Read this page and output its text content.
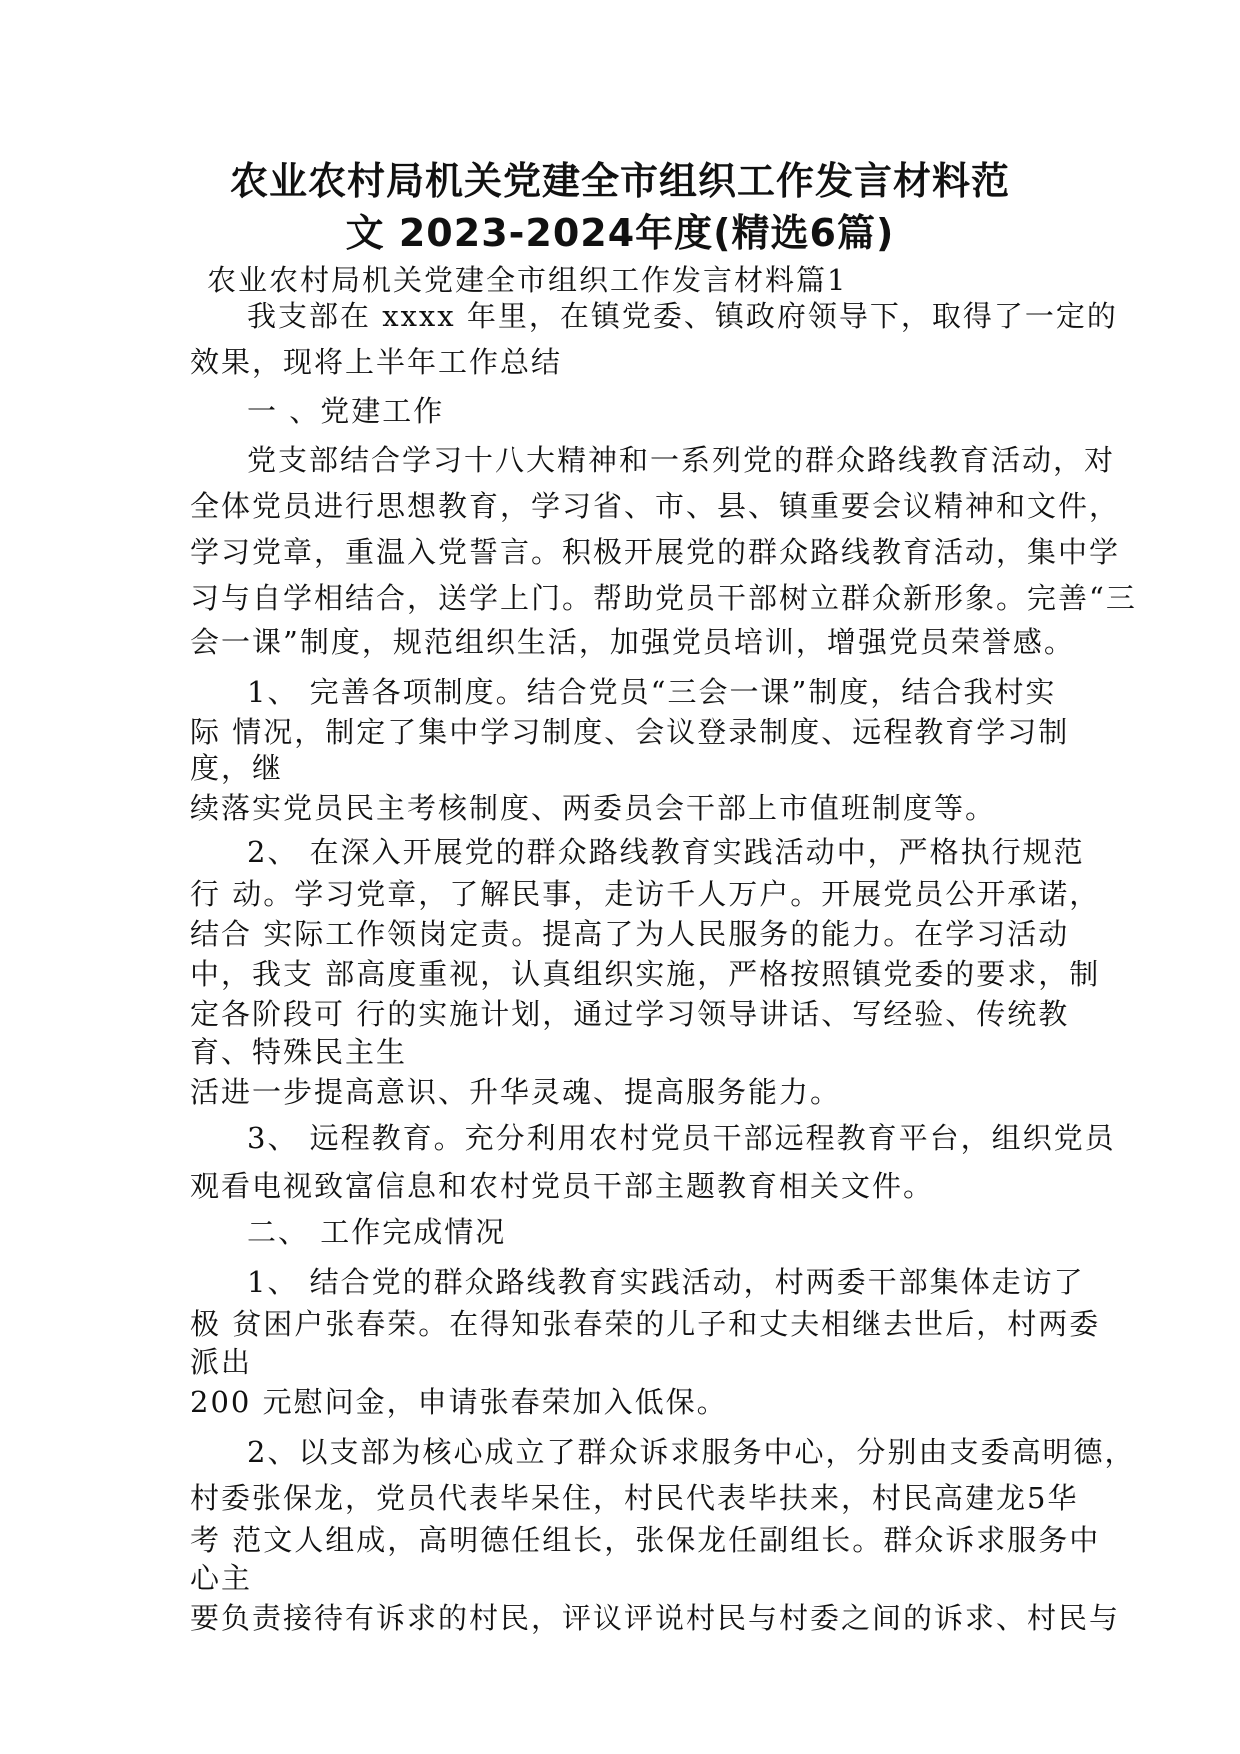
农业农村局机关党建全市组织工作发言材料范
文 2023-2024年度(精选6篇)
农业农村局机关党建全市组织工作发言材料篇1
我支部在 xxxx 年里，在镇党委、镇政府领导下，取得了一定的
效果，现将上半年工作总结
一 、党建工作
党支部结合学习十八大精神和一系列党的群众路线教育活动，对
全体党员进行思想教育，学习省、市、县、镇重要会议精神和文件，
学习党章，重温入党誓言。积极开展党的群众路线教育活动，集中学
习与自学相结合，送学上门。帮助党员干部树立群众新形象。完善“三
会一课”制度，规范组织生活，加强党员培训，增强党员荣誉感。
1、 完善各项制度。结合党员“三会一课”制度，结合我村实
际 情况，制定了集中学习制度、会议登录制度、远程教育学习制
度，继
续落实党员民主考核制度、两委员会干部上市值班制度等。
2、 在深入开展党的群众路线教育实践活动中，严格执行规范
行 动。学习党章，了解民事，走访千人万户。开展党员公开承诺，
结合 实际工作领岗定责。提高了为人民服务的能力。在学习活动
中，我支 部高度重视，认真组织实施，严格按照镇党委的要求，制
定各阶段可 行的实施计划，通过学习领导讲话、写经验、传统教
育、特殊民主生
活进一步提高意识、升华灵魂、提高服务能力。
3、 远程教育。充分利用农村党员干部远程教育平台，组织党员
观看电视致富信息和农村党员干部主题教育相关文件。
二、 工作完成情况
1、 结合党的群众路线教育实践活动，村两委干部集体走访了
极 贫困户张春荣。在得知张春荣的儿子和丈夫相继去世后，村两委
派出
200 元慰问金，申请张春荣加入低保。
2、以支部为核心成立了群众诉求服务中心，分别由支委高明德，
村委张保龙，党员代表毕呆住，村民代表毕扶来，村民高建龙5华
考 范文人组成，高明德任组长，张保龙任副组长。群众诉求服务中
心主
要负责接待有诉求的村民，评议评说村民与村委之间的诉求、村民与
